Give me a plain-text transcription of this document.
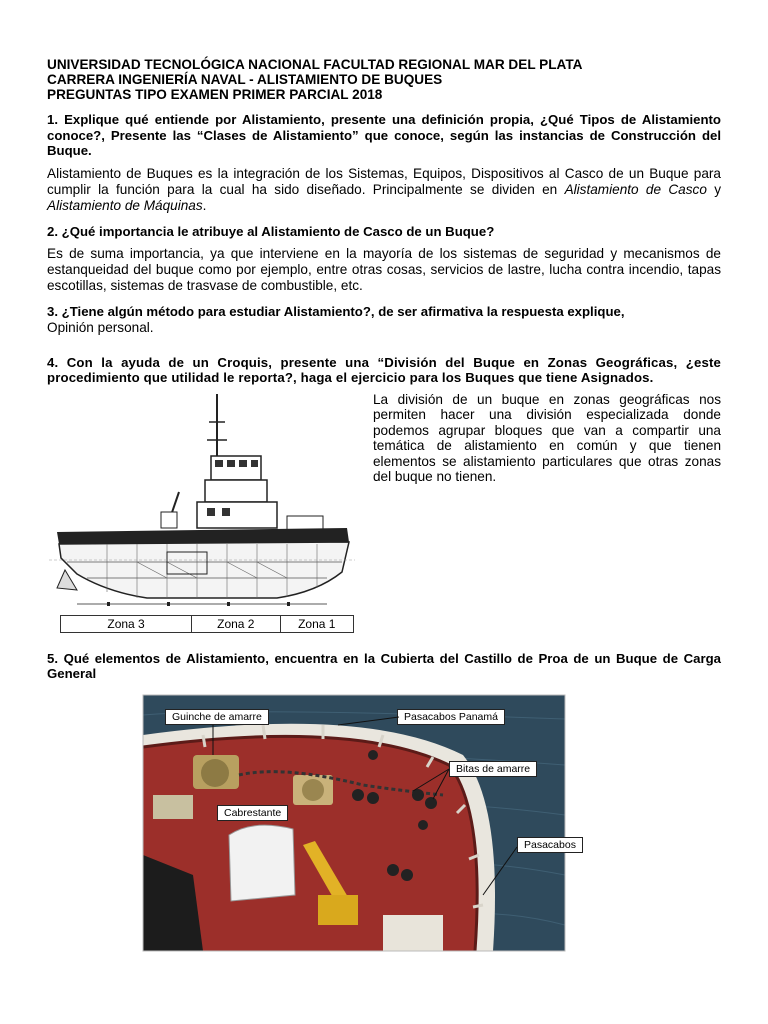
UNIVERSIDAD TECNOLÓGICA NACIONAL FACULTAD REGIONAL MAR DEL PLATA

CARRERA INGENIERÍA NAVAL - ALISTAMIENTO DE BUQUES

PREGUNTAS TIPO EXAMEN PRIMER PARCIAL 2018

1. Explique qué entiende por Alistamiento, presente una definición propia, ¿Qué Tipos de Alistamiento conoce?, Presente las “Clases de Alistamiento” que conoce, según las instancias de Construcción del Buque.

Alistamiento de Buques es la integración de los Sistemas, Equipos, Dispositivos al Casco de un Buque para cumplir la función para la cual ha sido diseñado. Principalmente se dividen en Alistamiento de Casco y Alistamiento de Máquinas.

2. ¿Qué importancia le atribuye al Alistamiento de Casco de un Buque?

Es de suma importancia, ya que interviene en la mayoría de los sistemas de seguridad y mecanismos de estanqueidad del buque como por ejemplo, entre otras cosas, servicios de lastre, lucha contra incendio, tapas escotillas, sistemas de trasvase de combustible, etc.

3. ¿Tiene algún método para estudiar Alistamiento?, de ser afirmativa la respuesta explique,

Opinión personal.

4. Con la ayuda de un Croquis, presente una “División del Buque en Zonas Geográficas, ¿este procedimiento que utilidad le reporta?, haga el ejercicio para los Buques que tiene Asignados.

Zona 3	Zona 2	Zona 1

La división de un buque en zonas geográficas nos permiten hacer una división especializada donde podemos agrupar bloques que van a compartir una temática de alistamiento en común y que tienen elementos se alistamiento particulares que otras zonas del buque no tienen.

5. Qué elementos de Alistamiento, encuentra en la Cubierta del Castillo de Proa de un Buque de Carga General

Guinche de amarre	Pasacabos Panamá
Bitas de amarre
Cabrestante
Pasacabos
